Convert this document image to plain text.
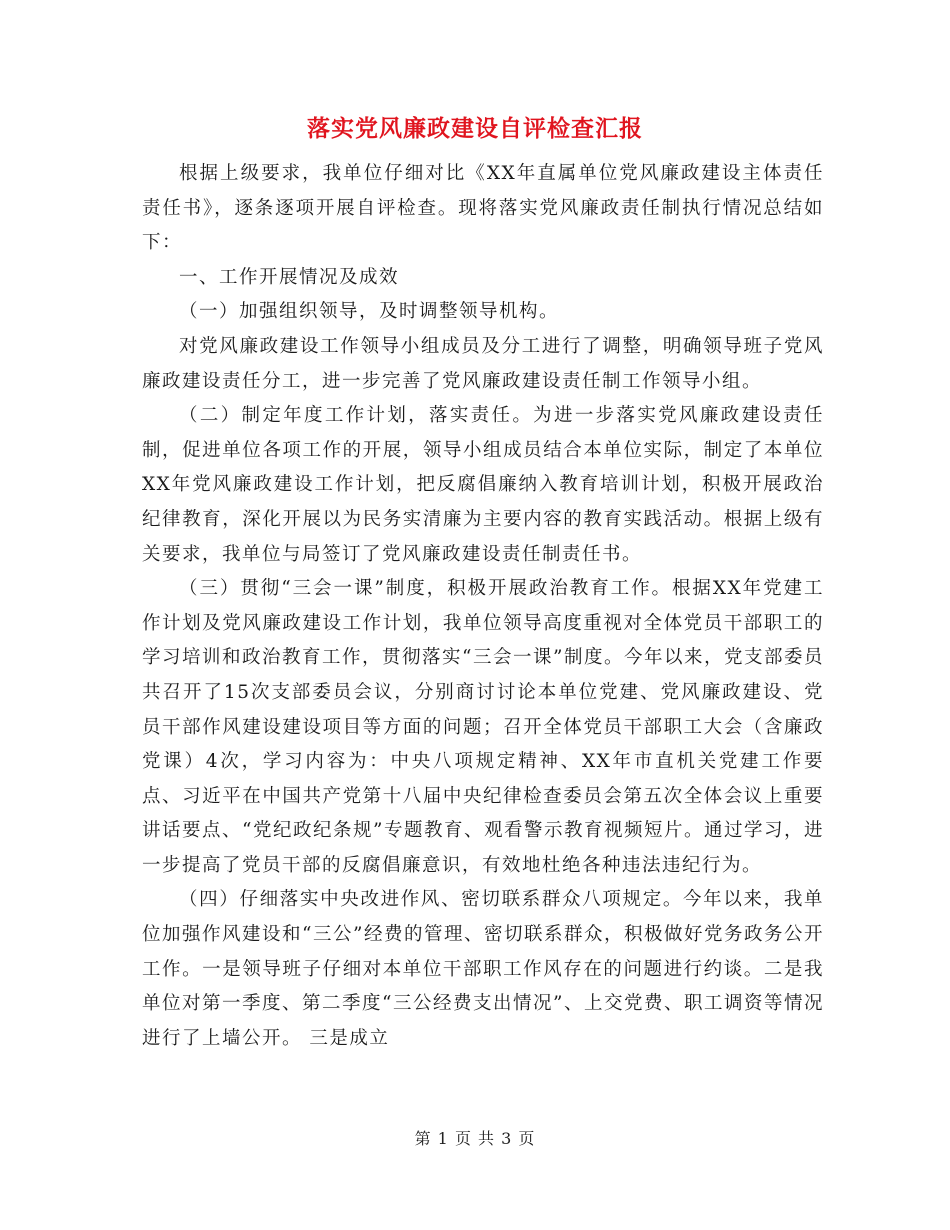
落实党风廉政建设自评检查汇报

根据上级要求，我单位仔细对比《XX年直属单位党风廉政建设主体责任责任书》，逐条逐项开展自评检查。现将落实党风廉政责任制执行情况总结如下：

一、工作开展情况及成效

（一）加强组织领导，及时调整领导机构。

对党风廉政建设工作领导小组成员及分工进行了调整，明确领导班子党风廉政建设责任分工，进一步完善了党风廉政建设责任制工作领导小组。

（二）制定年度工作计划，落实责任。为进一步落实党风廉政建设责任制，促进单位各项工作的开展，领导小组成员结合本单位实际，制定了本单位XX年党风廉政建设工作计划，把反腐倡廉纳入教育培训计划，积极开展政治纪律教育，深化开展以为民务实清廉为主要内容的教育实践活动。根据上级有关要求，我单位与局签订了党风廉政建设责任制责任书。

（三）贯彻“三会一课”制度，积极开展政治教育工作。根据XX年党建工作计划及党风廉政建设工作计划，我单位领导高度重视对全体党员干部职工的学习培训和政治教育工作，贯彻落实“三会一课”制度。今年以来，党支部委员共召开了15次支部委员会议，分别商讨讨论本单位党建、党风廉政建设、党员干部作风建设建设项目等方面的问题；召开全体党员干部职工大会（含廉政党课）4次，学习内容为：中央八项规定精神、XX年市直机关党建工作要点、习近平在中国共产党第十八届中央纪律检查委员会第五次全体会议上重要讲话要点、“党纪政纪条规”专题教育、观看警示教育视频短片。通过学习，进一步提高了党员干部的反腐倡廉意识，有效地杜绝各种违法违纪行为。

（四）仔细落实中央改进作风、密切联系群众八项规定。今年以来，我单位加强作风建设和“三公”经费的管理、密切联系群众，积极做好党务政务公开工作。一是领导班子仔细对本单位干部职工作风存在的问题进行约谈。二是我单位对第一季度、第二季度“三公经费支出情况”、上交党费、职工调资等情况进行了上墙公开。 三是成立

第 1 页 共 3 页
